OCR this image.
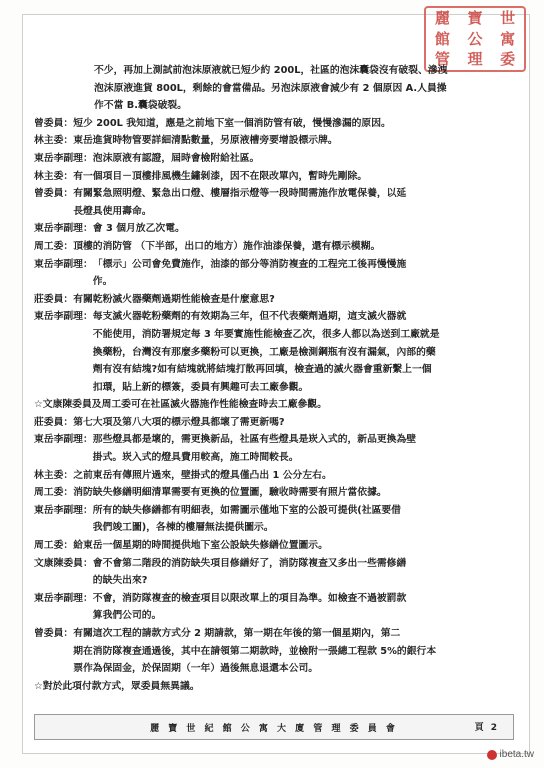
麗	寶	世
館	公	寓
管	理	委
不少，再加上測試前泡沫原液就已短少約 200L，社區的泡沫囊袋沒有破裂、滲洩
泡沫原液進貨 800L，剩餘的會當備品。另泡沫原液會減少有 2 個原因 A.人員操
作不當 B.囊袋破裂。
曾委員： 短少 200L 我知道，應是之前地下室一個消防管有破，慢慢滲漏的原因。
林主委： 東岳進貨時物管要詳細清點數量，另原液槽旁要增設標示牌。
東岳李副理： 泡沫原液有認證，屆時會檢附給社區。
林主委： 有一個項目－頂樓排風機生鏽剝漆，因不在限改單內，暫時先剛除。
曾委員： 有關緊急照明燈、緊急出口燈、樓層指示燈等一段時間需施作放電保養，以延
長燈具使用壽命。
東岳李副理： 會 3 個月放乙次電。
周工委： 頂樓的消防管 （下半部，出口的地方）施作油漆保養，還有標示模糊。
東岳李副理： 「標示」公司會免費施作，油漆的部分等消防複查的工程完工後再慢慢施
作。
莊委員： 有關乾粉滅火器藥劑過期性能檢查是什麼意思?
東岳李副理： 每支滅火器乾粉藥劑的有效期為三年，但不代表藥劑過期，這支滅火器就
不能使用，消防署規定每 3 年要實施性能檢查乙次，很多人都以為送到工廠就是
換藥粉，台灣沒有那麼多藥粉可以更換，工廠是檢測鋼瓶有沒有漏氣，內部的藥
劑有沒有結塊?如有結塊就將結塊打散再回填，檢查過的滅火器會重新繫上一個
扣環，貼上新的標簽，委員有興趣可去工廠參觀。
☆文康陳委員及周工委可在社區滅火器施作性能檢查時去工廠參觀。
莊委員： 第七大項及第八大項的標示燈具都壞了需更新嗎?
東岳李副理： 那些燈具都是壞的，需更換新品，社區有些燈具是崁入式的，新品更換為壁
掛式。崁入式的燈具費用較高，施工時間較長。
林主委： 之前東岳有傳照片過來，壁掛式的燈具僅凸出 1 公分左右。
周工委： 消防缺失修繕明細清單需要有更換的位置圖，驗收時需要有照片當依據。
東岳李副理： 所有的缺失修繕都有明細表，如需圖示僅地下室的公設可提供(社區要借
我們竣工圖)，各棟的樓層無法提供圖示。
周工委： 給東岳一個星期的時間提供地下室公設缺失修繕位置圖示。
文康陳委員： 會不會第二階段的消防缺失項目修繕好了，消防隊複查又多出一些需修繕
的缺失出來?
東岳李副理： 不會，消防隊複查的檢查項目以限改單上的項目為準。如檢查不過被罰款
算我們公司的。
曾委員： 有關這次工程的請款方式分 2 期請款，第一期在年後的第一個星期內，第二
期在消防隊複查通過後，其中在請領第二期款時，並檢附一張總工程款 5%的銀行本
票作為保固金，於保固期（一年）過後無息退還本公司。
☆對於此項付款方式，眾委員無異議。
麗 寶 世 紀 館 公 寓 大 廈 管 理 委 員 會	頁 2
ibeta.tw
